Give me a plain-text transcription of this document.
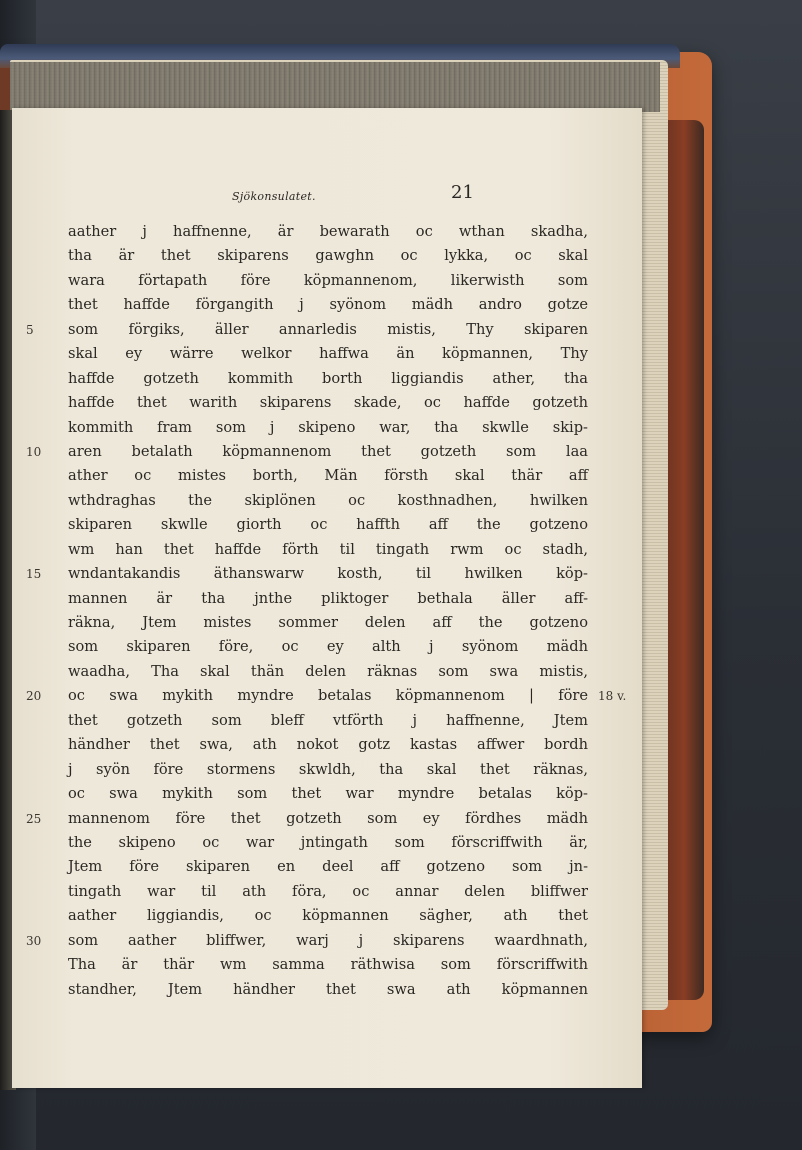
Sjökonsulatet.	21
aather j haffnenne, är bewarath oc wthan skadha,
tha är thet skiparens gawghn oc lykka, oc skal
wara förtapath före köpmannenom, likerwisth som
thet haffde förgangith j syönom mädh andro gotze
5	som förgiks, äller annarledis mistis, Thy skiparen
skal ey wärre welkor haffwa än köpmannen, Thy
haffde gotzeth kommith borth liggiandis ather, tha
haffde thet warith skiparens skade, oc haffde gotzeth
kommith fram som j skipeno war, tha skwlle skip-
10	aren betalath köpmannenom thet gotzeth som laa
ather oc mistes borth, Män försth skal thär aff
wthdraghas the skiplönen oc kosthnadhen, hwilken
skiparen skwlle giorth oc haffth aff the gotzeno
wm han thet haffde förth til tingath rwm oc stadh,
15	wndantakandis äthanswarw kosth, til hwilken köp-
mannen är tha jnthe pliktoger bethala äller aff-
räkna, Jtem mistes sommer delen aff the gotzeno
som skiparen före, oc ey alth j syönom mädh
waadha, Tha skal thän delen räknas som swa mistis,
20	oc swa mykith myndre betalas köpmannenom | före 18 v.
thet gotzeth som bleff vtförth j haffnenne, Jtem
händher thet swa, ath nokot gotz kastas affwer bordh
j syön före stormens skwldh, tha skal thet räknas,
oc swa mykith som thet war myndre betalas köp-
25	mannenom före thet gotzeth som ey fördhes mädh
the skipeno oc war jntingath som förscriffwith är,
Jtem före skiparen en deel aff gotzeno som jn-
tingath war til ath föra, oc annar delen bliffwer
aather liggiandis, oc köpmannen sägher, ath thet
30	som aather bliffwer, warj j skiparens waardhnath,
Tha är thär wm samma räthwisa som förscriffwith
standher, Jtem händher thet swa ath köpmannen
